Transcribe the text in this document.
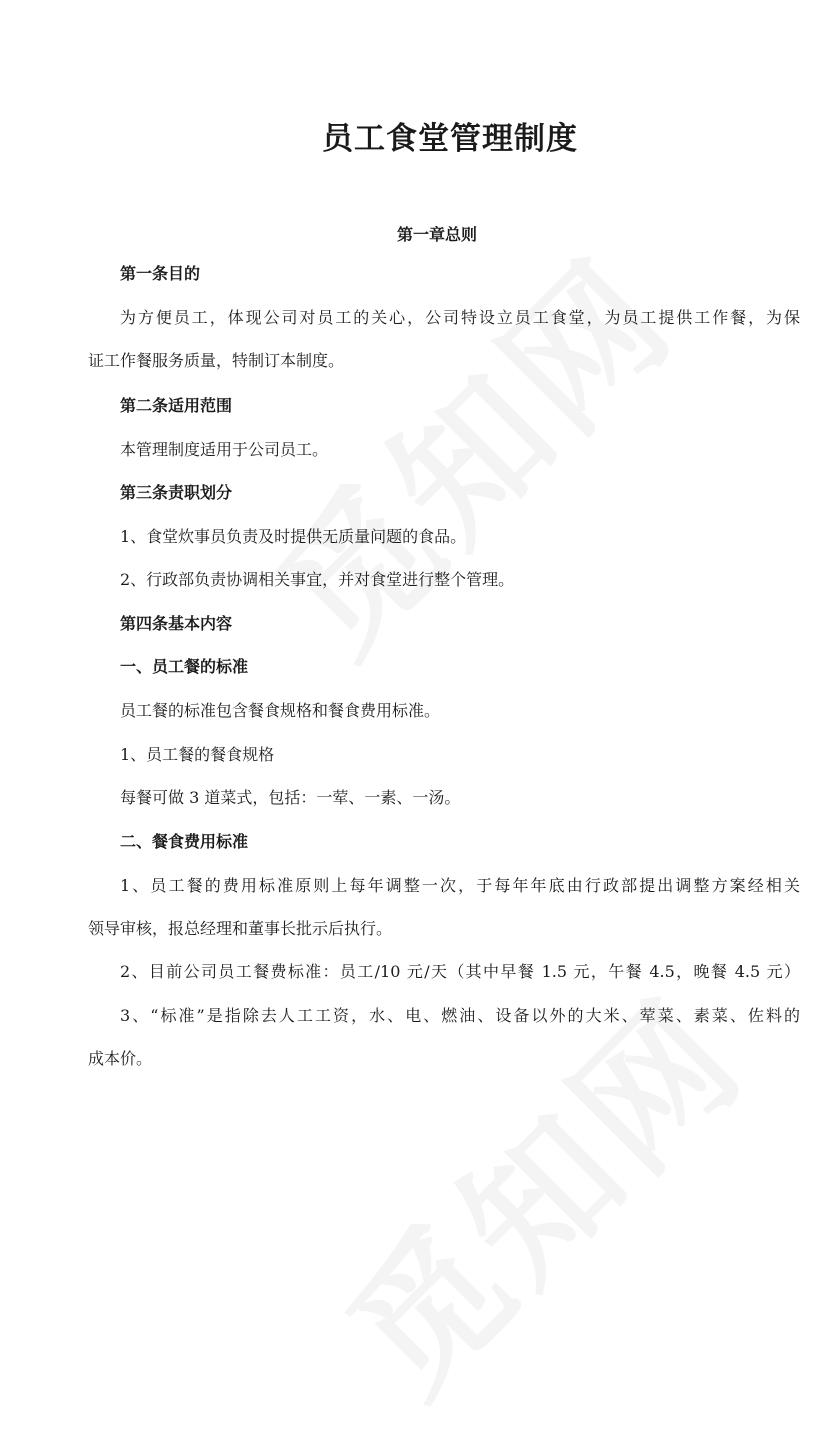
员工食堂管理制度
第一章总则
第一条目的
为方便员工，体现公司对员工的关心，公司特设立员工食堂，为员工提供工作餐，为保
证工作餐服务质量，特制订本制度。
第二条适用范围
本管理制度适用于公司员工。
第三条责职划分
1、食堂炊事员负责及时提供无质量问题的食品。
2、行政部负责协调相关事宜，并对食堂进行整个管理。
第四条基本内容
一、员工餐的标准
员工餐的标准包含餐食规格和餐食费用标准。
1、员工餐的餐食规格
每餐可做 3 道菜式，包括：一荤、一素、一汤。
二、餐食费用标准
1、员工餐的费用标准原则上每年调整一次，于每年年底由行政部提出调整方案经相关
领导审核，报总经理和董事长批示后执行。
2、目前公司员工餐费标准：员工/10 元/天（其中早餐 1.5 元，午餐 4.5，晚餐 4.5 元）
3、“标准”是指除去人工工资，水、电、燃油、设备以外的大米、荤菜、素菜、佐料的
成本价。
